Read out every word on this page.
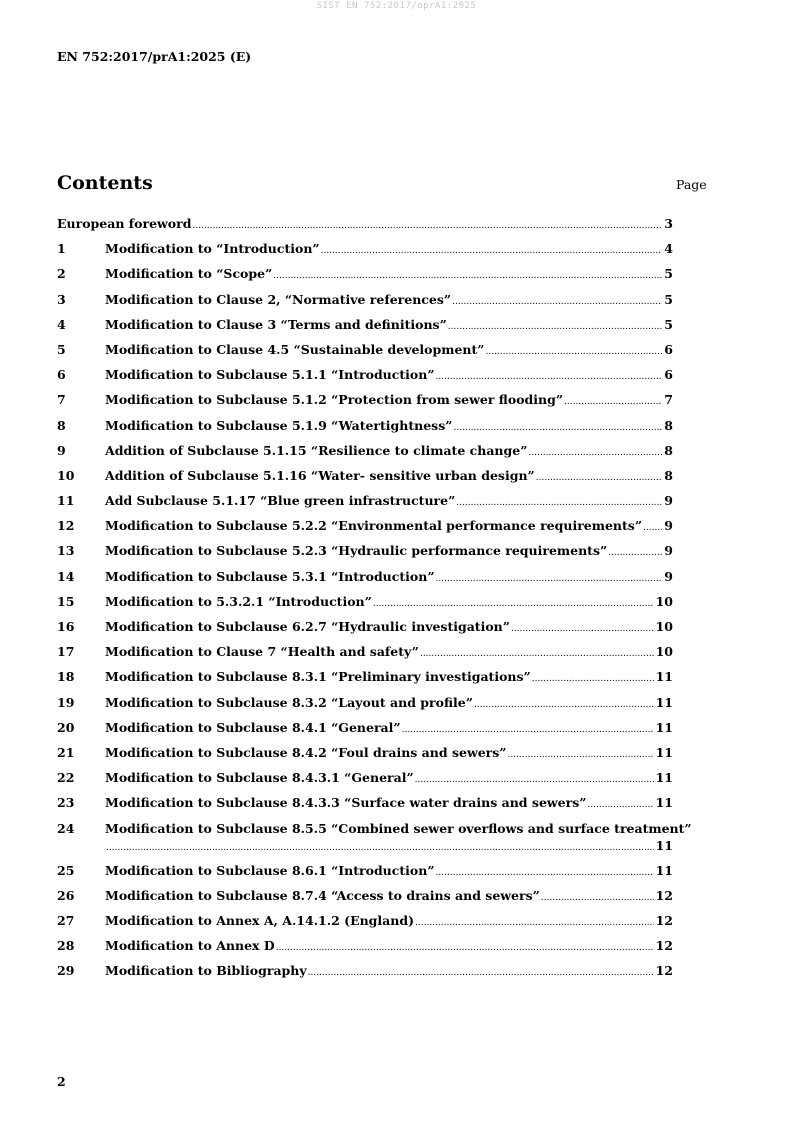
SIST EN 752:2017/oprA1:2025
EN 752:2017/prA1:2025 (E)
Contents	Page
European foreword .....	3
1	Modification to “Introduction” .....	4
2	Modification to “Scope” .....	5
3	Modification to Clause 2, “Normative references” .....	5
4	Modification to Clause 3 “Terms and definitions” .....	5
5	Modification to Clause 4.5 “Sustainable development” .....	6
6	Modification to Subclause 5.1.1 “Introduction” .....	6
7	Modification to Subclause 5.1.2 “Protection from sewer flooding” .....	7
8	Modification to Subclause 5.1.9 “Watertightness” .....	8
9	Addition of Subclause 5.1.15 “Resilience to climate change” .....	8
10	Addition of Subclause 5.1.16 “Water- sensitive urban design” .....	8
11	Add Subclause 5.1.17 “Blue green infrastructure” .....	9
12	Modification to Subclause 5.2.2 “Environmental performance requirements” ..... 9
13	Modification to Subclause 5.2.3 “Hydraulic performance requirements” .....	9
14	Modification to Subclause 5.3.1 “Introduction” .....	9
15	Modification to 5.3.2.1 “Introduction” .....	10
16	Modification to Subclause 6.2.7 “Hydraulic investigation” .....	10
17	Modification to Clause 7 “Health and safety” .....	10
18	Modification to Subclause 8.3.1 “Preliminary investigations” .....	11
19	Modification to Subclause 8.3.2 “Layout and profile” .....	11
20	Modification to Subclause 8.4.1 “General” .....	11
21	Modification to Subclause 8.4.2 “Foul drains and sewers” .....	11
22	Modification to Subclause 8.4.3.1 “General” .....	11
23	Modification to Subclause 8.4.3.3 “Surface water drains and sewers” .....	11
24	Modification to Subclause 8.5.5 “Combined sewer overflows and surface treatment”
.....
11
25	Modification to Subclause 8.6.1 “Introduction” .....	11
26	Modification to Subclause 8.7.4 “Access to drains and sewers” .....	12
27	Modification to Annex A, A.14.1.2 (England) .....	12
28	Modification to Annex D .....	12
29	Modification to Bibliography .....	12
2
